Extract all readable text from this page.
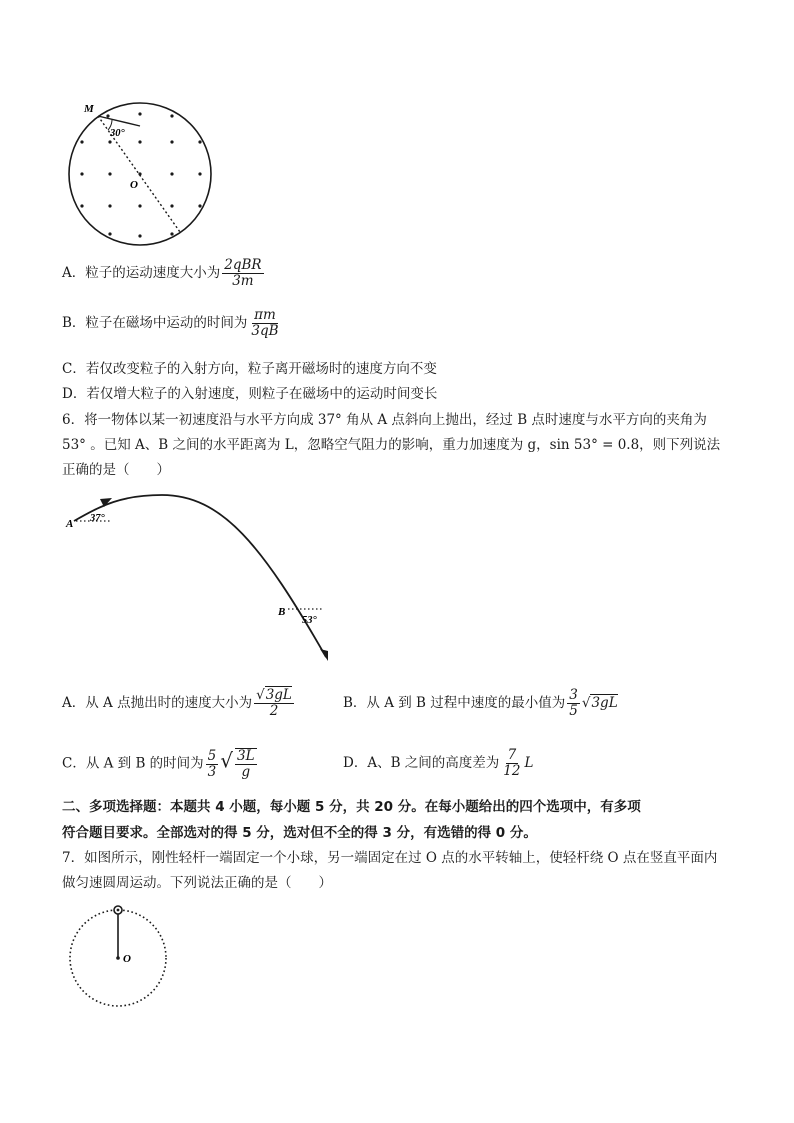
M
30°
O
A．粒子的运动速度大小为 $\frac{\text{2qBR}}{3m}$
B．粒子在磁场中运动的时间为 $\frac{\pi m}{3qB}$
C．若仅改变粒子的入射方向，粒子离开磁场时的速度方向不变
D．若仅增大粒子的入射速度，则粒子在磁场中的运动时间变长
6．将一物体以某一初速度沿与水平方向成 37° 角从 A 点斜向上抛出，经过 B 点时速度与水平方向的夹角为
53° 。已知 A、B 之间的水平距离为 L，忽略空气阻力的影响，重力加速度为 g，sin 53° = 0.8，则下列说法
正确的是（　　）
A 37°
B
53°
A．从 A 点抛出时的速度大小为 $\frac{√3gL}{2}$	B．从 A 到 B 过程中速度的最小值为 $\frac{3}{5} √3gL$
C．从 A 到 B 的时间为 $\frac{5}{3}$ √ $\frac{3L}{g}$	D．A、B 之间的高度差为 $\frac{7}{12}$ L
二、多项选择题：本题共 4 小题，每小题 5 分，共 20 分。在每小题给出的四个选项中，有多项
符合题目要求。全部选对的得 5 分，选对但不全的得 3 分，有选错的得 0 分。
7．如图所示，刚性轻杆一端固定一个小球，另一端固定在过 O 点的水平转轴上，使轻杆绕 O 点在竖直平面内
做匀速圆周运动。下列说法正确的是（　　）
O
